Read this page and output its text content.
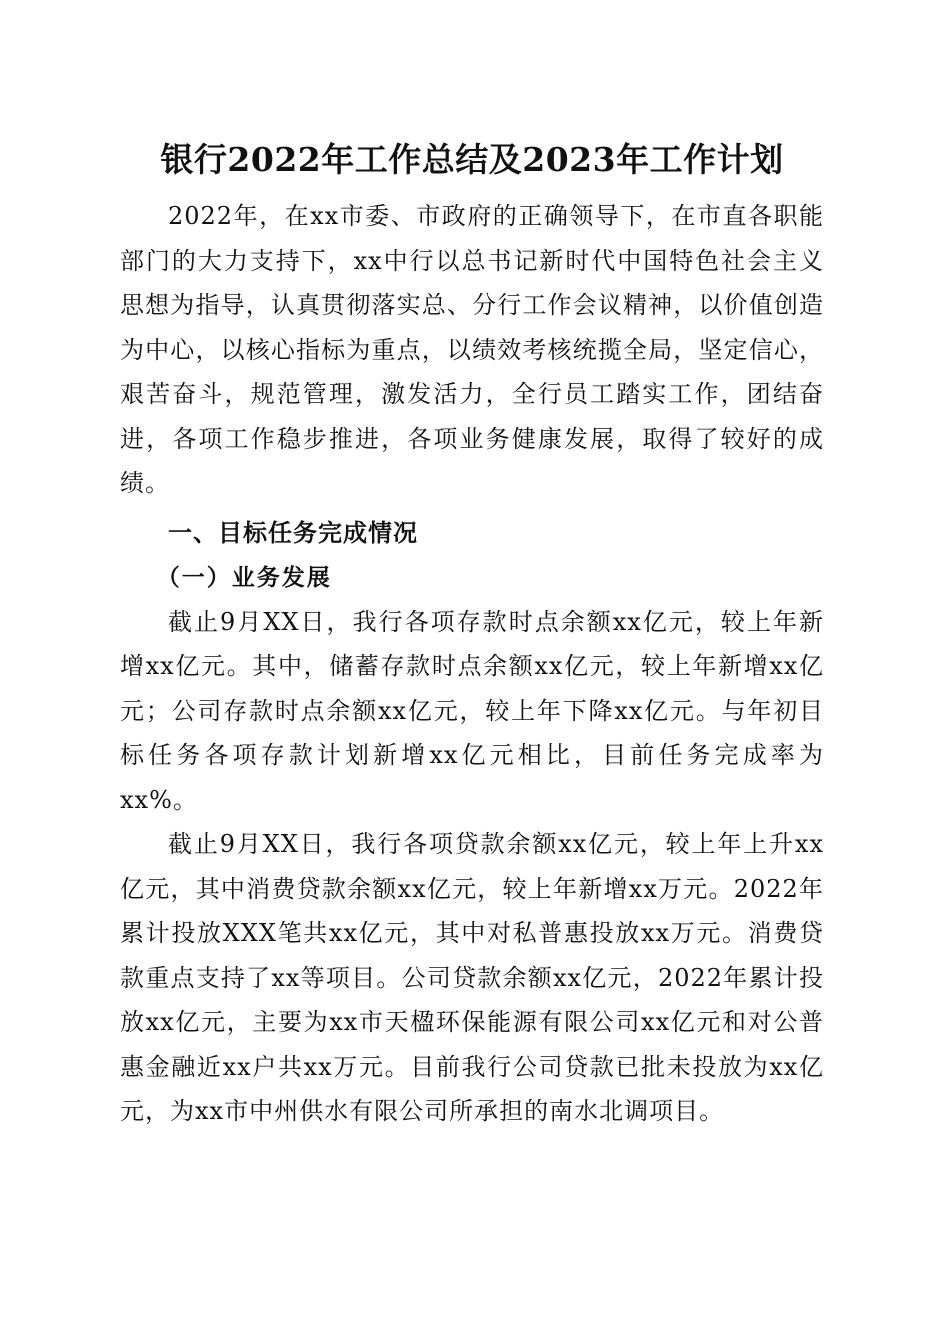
银行2022年工作总结及2023年工作计划

2022年，在xx市委、市政府的正确领导下，在市直各职能部门的大力支持下，xx中行以总书记新时代中国特色社会主义思想为指导，认真贯彻落实总、分行工作会议精神，以价值创造为中心，以核心指标为重点，以绩效考核统揽全局，坚定信心，艰苦奋斗，规范管理，激发活力，全行员工踏实工作，团结奋进，各项工作稳步推进，各项业务健康发展，取得了较好的成绩。

一、目标任务完成情况
（一）业务发展

截止9月XX日，我行各项存款时点余额xx亿元，较上年新增xx亿元。其中，储蓄存款时点余额xx亿元，较上年新增xx亿元；公司存款时点余额xx亿元，较上年下降xx亿元。与年初目标任务各项存款计划新增xx亿元相比，目前任务完成率为xx%。

截止9月XX日，我行各项贷款余额xx亿元，较上年上升xx亿元，其中消费贷款余额xx亿元，较上年新增xx万元。2022年累计投放XXX笔共xx亿元，其中对私普惠投放xx万元。消费贷款重点支持了xx等项目。公司贷款余额xx亿元，2022年累计投放xx亿元，主要为xx市天楹环保能源有限公司xx亿元和对公普惠金融近xx户共xx万元。目前我行公司贷款已批未投放为xx亿元，为xx市中州供水有限公司所承担的南水北调项目。
